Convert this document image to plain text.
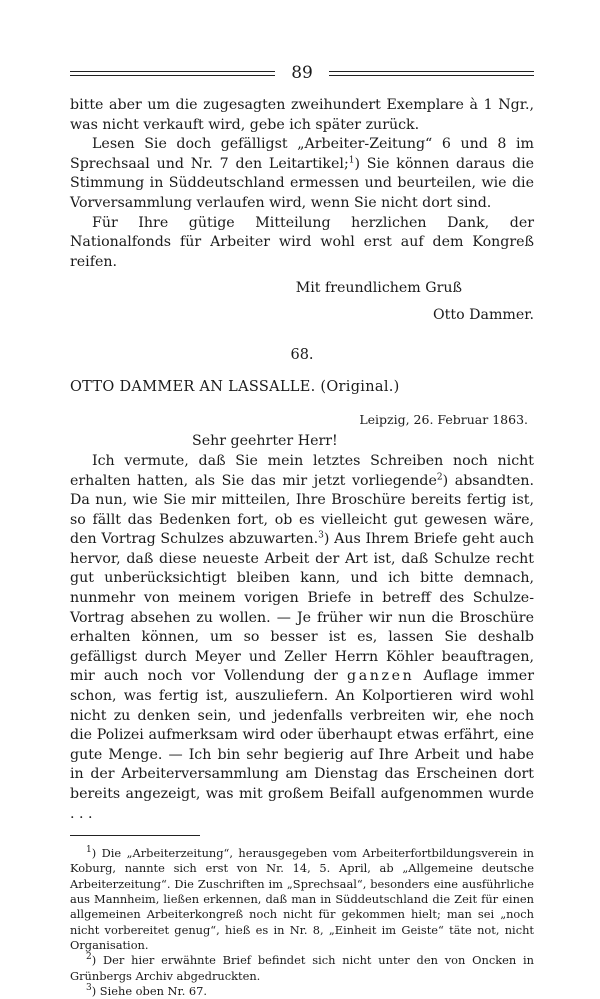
89

bitte aber um die zugesagten zweihundert Exemplare à 1 Ngr., was nicht verkauft wird, gebe ich später zurück.

Lesen Sie doch gefälligst „Arbeiter-Zeitung“ 6 und 8 im Sprechsaal und Nr. 7 den Leitartikel;$^1$) Sie können daraus die Stimmung in Süddeutschland ermessen und beurteilen, wie die Vorversammlung verlaufen wird, wenn Sie nicht dort sind.

Für Ihre gütige Mitteilung herzlichen Dank, der Nationalfonds für Arbeiter wird wohl erst auf dem Kongreß reifen.

Mit freundlichem Gruß

Otto Dammer.

68.

OTTO DAMMER AN LASSALLE. (Original.)

Leipzig, 26. Februar 1863.

Sehr geehrter Herr!

Ich vermute, daß Sie mein letztes Schreiben noch nicht erhalten hatten, als Sie das mir jetzt vorliegende$^2$) absandten. Da nun, wie Sie mir mitteilen, Ihre Broschüre bereits fertig ist, so fällt das Bedenken fort, ob es vielleicht gut gewesen wäre, den Vortrag Schulzes abzuwarten.$^3$) Aus Ihrem Briefe geht auch hervor, daß diese neueste Arbeit der Art ist, daß Schulze recht gut unberücksichtigt bleiben kann, und ich bitte demnach, nunmehr von meinem vorigen Briefe in betreff des Schulze-Vortrag absehen zu wollen. — Je früher wir nun die Broschüre erhalten können, um so besser ist es, lassen Sie deshalb gefälligst durch Meyer und Zeller Herrn Köhler beauftragen, mir auch noch vor Vollendung der ganzen Auflage immer schon, was fertig ist, auszuliefern. An Kolportieren wird wohl nicht zu denken sein, und jedenfalls verbreiten wir, ehe noch die Polizei aufmerksam wird oder überhaupt etwas erfährt, eine gute Menge. — Ich bin sehr begierig auf Ihre Arbeit und habe in der Arbeiterversammlung am Dienstag das Erscheinen dort bereits angezeigt, was mit großem Beifall aufgenommen wurde . . .

$^1$) Die „Arbeiterzeitung“, herausgegeben vom Arbeiterfortbildungsverein in Koburg, nannte sich erst von Nr. 14, 5. April, ab „Allgemeine deutsche Arbeiterzeitung“. Die Zuschriften im „Sprechsaal“, besonders eine ausführliche aus Mannheim, ließen erkennen, daß man in Süddeutschland die Zeit für einen allgemeinen Arbeiterkongreß noch nicht für gekommen hielt; man sei „noch nicht vorbereitet genug“, hieß es in Nr. 8, „Einheit im Geiste“ täte not, nicht Organisation.

$^2$) Der hier erwähnte Brief befindet sich nicht unter den von Oncken in Grünbergs Archiv abgedruckten.

$^3$) Siehe oben Nr. 67.
